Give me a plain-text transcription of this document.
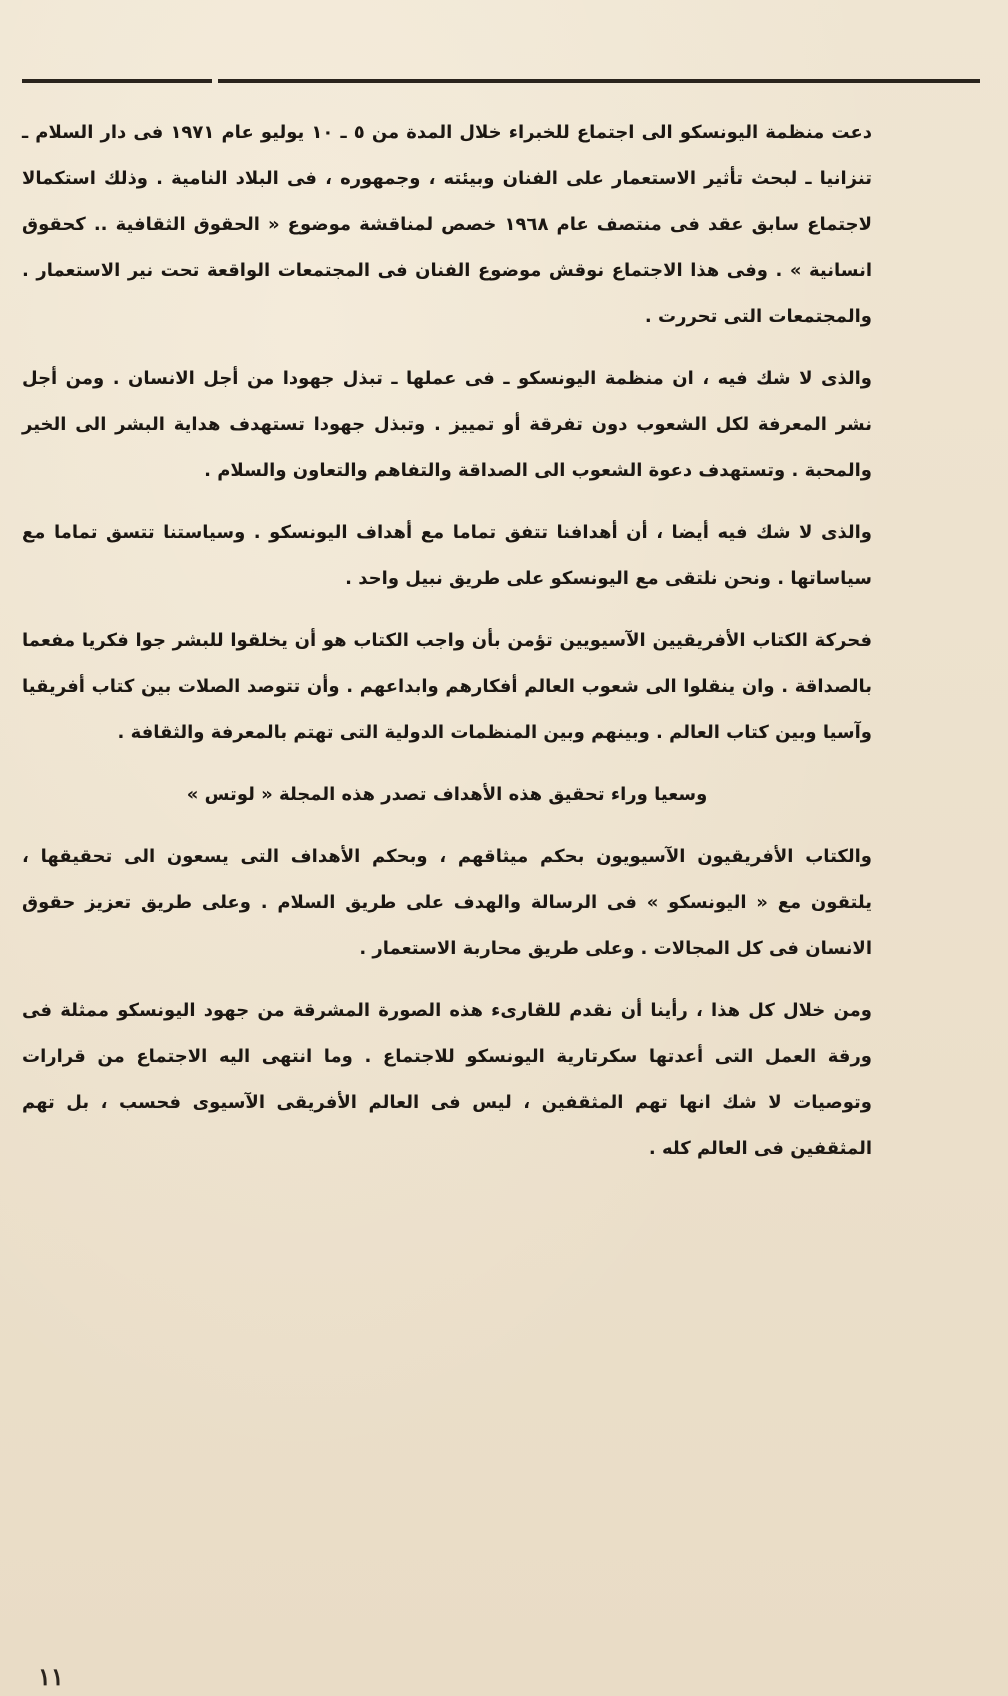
دعت منظمة اليونسكو الى اجتماع للخبراء خلال المدة من ٥ ـ ١٠ يوليو عام ١٩٧١ فى دار السلام ـ تنزانيا ـ لبحث تأثير الاستعمار على الفنان وبيئته ، وجمهوره ، فى البلاد النامية . وذلك استكمالا لاجتماع سابق عقد فى منتصف عام ١٩٦٨ خصص لمناقشة موضوع « الحقوق الثقافية .. كحقوق انسانية » . وفى هذا الاجتماع نوقش موضوع الفنان فى المجتمعات الواقعة تحت نير الاستعمار . والمجتمعات التى تحررت .

والذى لا شك فيه ، ان منظمة اليونسكو ـ فى عملها ـ تبذل جهودا من أجل الانسان . ومن أجل نشر المعرفة لكل الشعوب دون تفرقة أو تمييز . وتبذل جهودا تستهدف هداية البشر الى الخير والمحبة . وتستهدف دعوة الشعوب الى الصداقة والتفاهم والتعاون والسلام .

والذى لا شك فيه أيضا ، أن أهدافنا تتفق تماما مع أهداف اليونسكو . وسياستنا تتسق تماما مع سياساتها . ونحن نلتقى مع اليونسكو على طريق نبيل واحد .

فحركة الكتاب الأفريقيين الآسيويين تؤمن بأن واجب الكتاب هو أن يخلقوا للبشر جوا فكريا مفعما بالصداقة . وان ينقلوا الى شعوب العالم أفكارهم وابداعهم . وأن تتوصد الصلات بين كتاب أفريقيا وآسيا وبين كتاب العالم . وبينهم وبين المنظمات الدولية التى تهتم بالمعرفة والثقافة .

وسعيا وراء تحقيق هذه الأهداف تصدر هذه المجلة « لوتس »

والكتاب الأفريقيون الآسيويون بحكم ميثاقهم ، وبحكم الأهداف التى يسعون الى تحقيقها ، يلتقون مع « اليونسكو » فى الرسالة والهدف على طريق السلام . وعلى طريق تعزيز حقوق الانسان فى كل المجالات . وعلى طريق محاربة الاستعمار .

ومن خلال كل هذا ، رأينا أن نقدم للقارىء هذه الصورة المشرقة من جهود اليونسكو ممثلة فى ورقة العمل التى أعدتها سكرتارية اليونسكو للاجتماع . وما انتهى اليه الاجتماع من قرارات وتوصيات لا شك انها تهم المثقفين ، ليس فى العالم الأفريقى الآسيوى فحسب ، بل تهم المثقفين فى العالم كله .

١١
